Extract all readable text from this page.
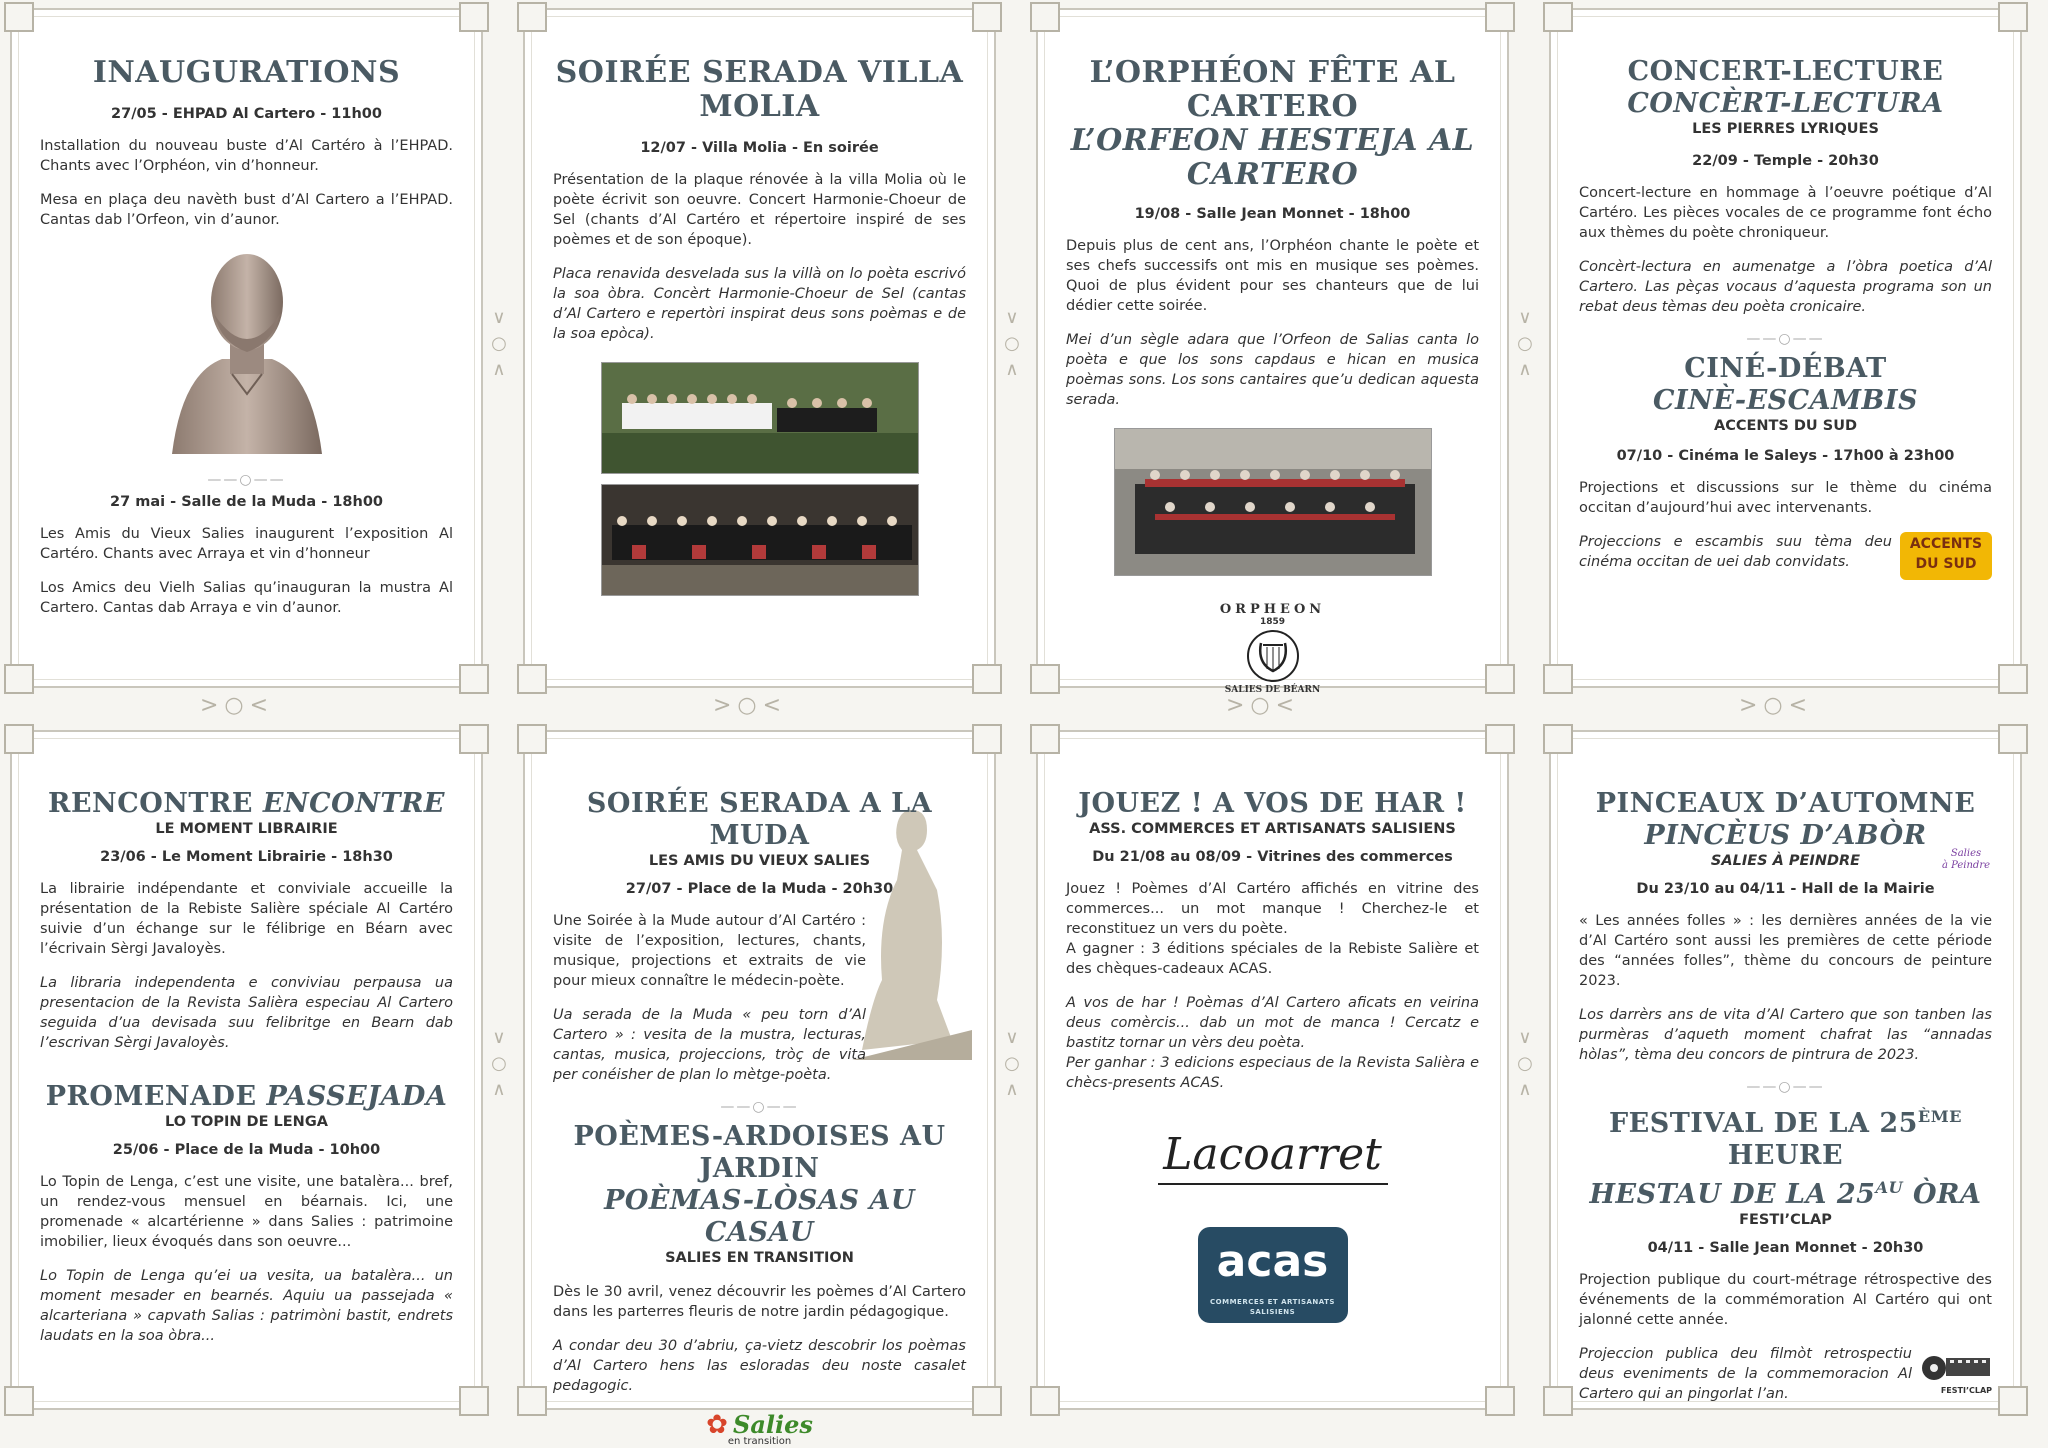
INAUGURATIONS
27/05 - EHPAD Al Cartero - 11h00

Installation du nouveau buste d’Al Cartéro à l’EHPAD. Chants avec l’Orphéon, vin d’honneur.

Mesa en plaça deu navèth bust d’Al Cartero a l’EHPAD. Cantas dab l’Orfeon, vin d’aunor.

——○——
27 mai - Salle de la Muda - 18h00

Les Amis du Vieux Salies inaugurent l’exposition Al Cartéro. Chants avec Arraya et vin d’honneur

Los Amics deu Vielh Salias qu’inauguran la mustra Al Cartero. Cantas dab Arraya e vin d’aunor.

SOIRÉE SERADA VILLA MOLIA
12/07 - Villa Molia - En soirée

Présentation de la plaque rénovée à la villa Molia où le poète écrivit son oeuvre. Concert Harmonie-Choeur de Sel (chants d’Al Cartéro et répertoire inspiré de ses poèmes et de son époque).

Placa renavida desvelada sus la villà on lo poèta escrivó la soa òbra. Concèrt Harmonie-Choeur de Sel (cantas d’Al Cartero e repertòri inspirat deus sons poèmas e de la soa epòca).

L’ORPHÉON FÊTE AL CARTERO
L’ORFEON HESTEJA AL CARTERO
19/08 - Salle Jean Monnet - 18h00

Depuis plus de cent ans, l’Orphéon chante le poète et ses chefs successifs ont mis en musique ses poèmes. Quoi de plus évident pour ses chanteurs que de lui dédier cette soirée.

Mei d’un sègle adara que l’Orfeon de Salias canta lo poèta e que los sons capdaus e hican en musica poèmas sons. Los sons cantaires que’u dedican aquesta serada.

ORPHEON
1859
SALIES DE BÉARN
CONCERT-LECTURE
CONCÈRT-LECTURA
LES PIERRES LYRIQUES
22/09 - Temple - 20h30

Concert-lecture en hommage à l’oeuvre poétique d’Al Cartéro. Les pièces vocales de ce programme font écho aux thèmes du poète chroniqueur.

Concèrt-lectura en aumenatge a l’òbra poetica d’Al Cartero. Las pèças vocaus d’aquesta programa son un rebat deus tèmas deu poèta cronicaire.

——○——
CINÉ-DÉBAT
CINÈ-ESCAMBIS
ACCENTS DU SUD
07/10 - Cinéma le Saleys - 17h00 à 23h00

Projections et discussions sur le thème du cinéma occitan d’aujourd’hui avec intervenants.

Projeccions e escambis suu tèma deu cinéma occitan de uei dab convidats.

ACCENTS
DU SUD
>○<	>○<	>○<	>○<
∨
○
∧
∨
○
∧
∨
○
∧
∨
○
∧
∨
○
∧
∨
○
∧
RENCONTRE ENCONTRE
LE MOMENT LIBRAIRIE
23/06 - Le Moment Librairie - 18h30

La librairie indépendante et conviviale accueille la présentation de la Rebiste Salière spéciale Al Cartéro suivie d’un échange sur le félibrige en Béarn avec l’écrivain Sèrgi Javaloyès.

La libraria independenta e conviviau perpausa ua presentacion de la Revista Salièra especiau Al Cartero seguida d’ua devisada suu felibritge en Bearn dab l’escrivan Sèrgi Javaloyès.

PROMENADE PASSEJADA
LO TOPIN DE LENGA
25/06 - Place de la Muda - 10h00

Lo Topin de Lenga, c’est une visite, une batalèra... bref, un rendez-vous mensuel en béarnais. Ici, une promenade « alcartérienne » dans Salies : patrimoine imobilier, lieux évoqués dans son oeuvre...

Lo Topin de Lenga qu’ei ua vesita, ua batalèra... un moment mesader en bearnés. Aquiu ua passejada « alcarteriana » capvath Salias : patrimòni bastit, endrets laudats en la soa òbra...

SOIRÉE SERADA A LA MUDA
LES AMIS DU VIEUX SALIES
27/07 - Place de la Muda - 20h30

Une Soirée à la Mude autour d’Al Cartéro : visite de l’exposition, lectures, chants, musique, projections et extraits de vie pour mieux connaître le médecin-poète.

Ua serada de la Muda « peu torn d’Al Cartero » : vesita de la mustra, lecturas, cantas, musica, projeccions, tròç de vita per conéisher de plan lo mètge-poèta.

——○——
POÈMES-ARDOISES AU JARDIN
POÈMAS-LÒSAS AU CASAU
SALIES EN TRANSITION

Dès le 30 avril, venez découvrir les poèmes d’Al Cartero dans les parterres fleuris de notre jardin pédagogique.

A condar deu 30 d’abriu, ça-vietz descobrir los poèmas d’Al Cartero hens las esloradas deu noste casalet pedagogic.

✿ Salies
en transition
JOUEZ ! A VOS DE HAR !
ASS. COMMERCES ET ARTISANATS SALISIENS
Du 21/08 au 08/09 - Vitrines des commerces

Jouez ! Poèmes d’Al Cartéro affichés en vitrine des commerces... un mot manque ! Cherchez-le et reconstituez un vers du poète.

A gagner : 3 éditions spéciales de la Rebiste Salière et des chèques-cadeaux ACAS.

A vos de har ! Poèmas d’Al Cartero aficats en veirina deus comèrcis... dab un mot de manca ! Cercatz e bastitz tornar un vèrs deu poèta.

Per ganhar : 3 edicions especiaus de la Revista Salièra e chècs-presents ACAS.

Lacoarret
acas
COMMERCES ET ARTISANATS SALISIENS
PINCEAUX D’AUTOMNE
PINCÈUS D’ABÒR
SALIES À PEINDRE	Salies
à Peindre
Du 23/10 au 04/11 - Hall de la Mairie

« Les années folles » : les dernières années de la vie d’Al Cartéro sont aussi les premières de cette période des “années folles”, thème du concours de peinture 2023.

Los darrèrs ans de vita d’Al Cartero que son tanben las purmèras d’aqueth moment chafrat las “annadas hòlas”, tèma deu concors de pintrura de 2023.

——○——
FESTIVAL DE LA 25ÈME HEURE
HESTAU DE LA $25^{AU}$ ÒRA
FESTI’CLAP
04/11 - Salle Jean Monnet - 20h30

Projection publique du court-métrage rétrospective des événements de la commémoration Al Cartéro qui ont jalonné cette année.

Projeccion publica deu filmòt retrospectiu deus eveniments de la commemoracion Al Cartero qui an pingorlat l’an.	FESTI’CLAP
